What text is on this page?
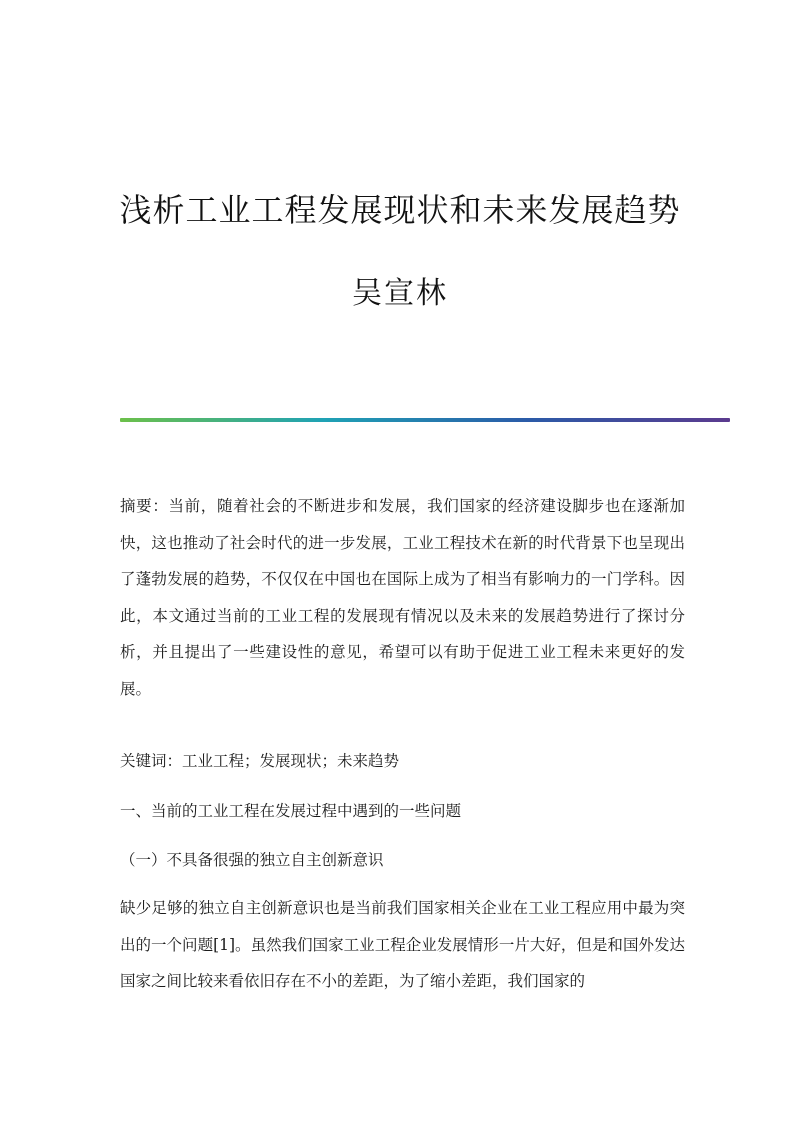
浅析工业工程发展现状和未来发展趋势
吴宣林

摘要：当前，随着社会的不断进步和发展，我们国家的经济建设脚步也在逐渐加快，这也推动了社会时代的进一步发展，工业工程技术在新的时代背景下也呈现出了蓬勃发展的趋势，不仅仅在中国也在国际上成为了相当有影响力的一门学科。因此，本文通过当前的工业工程的发展现有情况以及未来的发展趋势进行了探讨分析，并且提出了一些建设性的意见，希望可以有助于促进工业工程未来更好的发展。

关键词：工业工程；发展现状；未来趋势

一、当前的工业工程在发展过程中遇到的一些问题

（一）不具备很强的独立自主创新意识

缺少足够的独立自主创新意识也是当前我们国家相关企业在工业工程应用中最为突出的一个问题[1]。虽然我们国家工业工程企业发展情形一片大好，但是和国外发达国家之间比较来看依旧存在不小的差距，为了缩小差距，我们国家的
